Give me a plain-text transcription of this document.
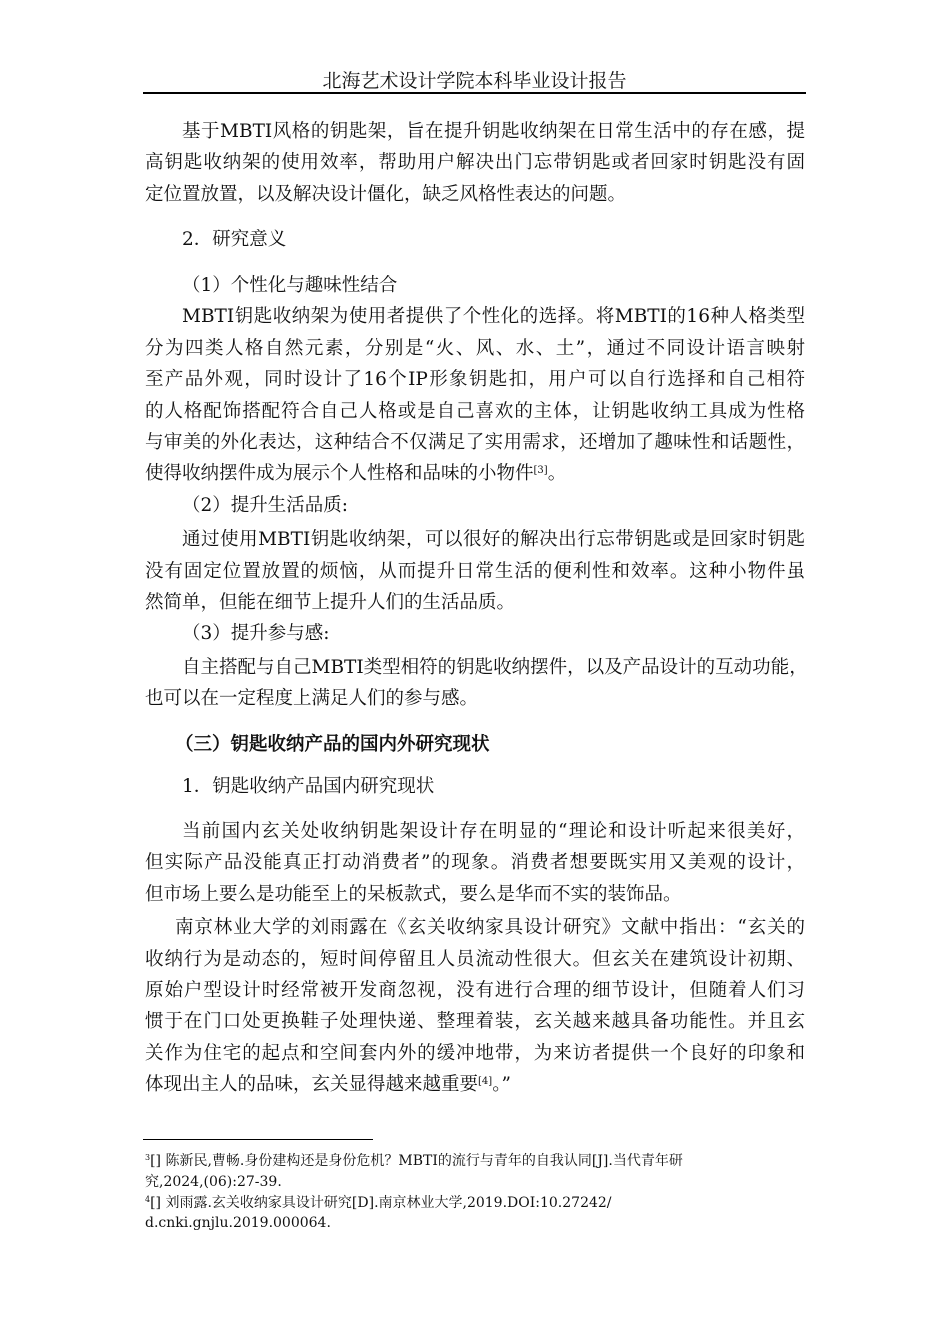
北海艺术设计学院本科毕业设计报告
基于MBTI风格的钥匙架，旨在提升钥匙收纳架在日常生活中的存在感，提
高钥匙收纳架的使用效率，帮助用户解决出门忘带钥匙或者回家时钥匙没有固
定位置放置，以及解决设计僵化，缺乏风格性表达的问题。
2．研究意义
（1）个性化与趣味性结合
MBTI钥匙收纳架为使用者提供了个性化的选择。将MBTI的16种人格类型
分为四类人格自然元素，分别是“火、风、水、土”，通过不同设计语言映射
至产品外观，同时设计了16个IP形象钥匙扣，用户可以自行选择和自己相符
的人格配饰搭配符合自己人格或是自己喜欢的主体，让钥匙收纳工具成为性格
与审美的外化表达，这种结合不仅满足了实用需求，还增加了趣味性和话题性，
使得收纳摆件成为展示个人性格和品味的小物件[3]。
（2）提升生活品质:
通过使用MBTI钥匙收纳架，可以很好的解决出行忘带钥匙或是回家时钥匙
没有固定位置放置的烦恼，从而提升日常生活的便利性和效率。这种小物件虽
然简单，但能在细节上提升人们的生活品质。
（3）提升参与感:
自主搭配与自己MBTI类型相符的钥匙收纳摆件，以及产品设计的互动功能，
也可以在一定程度上满足人们的参与感。
（三）钥匙收纳产品的国内外研究现状
1．钥匙收纳产品国内研究现状
当前国内玄关处收纳钥匙架设计存在明显的“理论和设计听起来很美好，
但实际产品没能真正打动消费者”的现象。消费者想要既实用又美观的设计，
但市场上要么是功能至上的呆板款式，要么是华而不实的装饰品。
南京林业大学的刘雨露在《玄关收纳家具设计研究》文献中指出：“玄关的
收纳行为是动态的，短时间停留且人员流动性很大。但玄关在建筑设计初期、
原始户型设计时经常被开发商忽视，没有进行合理的细节设计，但随着人们习
惯于在门口处更换鞋子处理快递、整理着装，玄关越来越具备功能性。并且玄
关作为住宅的起点和空间套内外的缓冲地带，为来访者提供一个良好的印象和
体现出主人的品味，玄关显得越来越重要[4]。”
$^3$[] 陈新民,曹畅.身份建构还是身份危机？MBTI的流行与青年的自我认同[J].当代青年研
究,2024,(06):27-39.
$^4$[] 刘雨露.玄关收纳家具设计研究[D].南京林业大学,2019.DOI:10.27242/
d.cnki.gnjlu.2019.000064.
